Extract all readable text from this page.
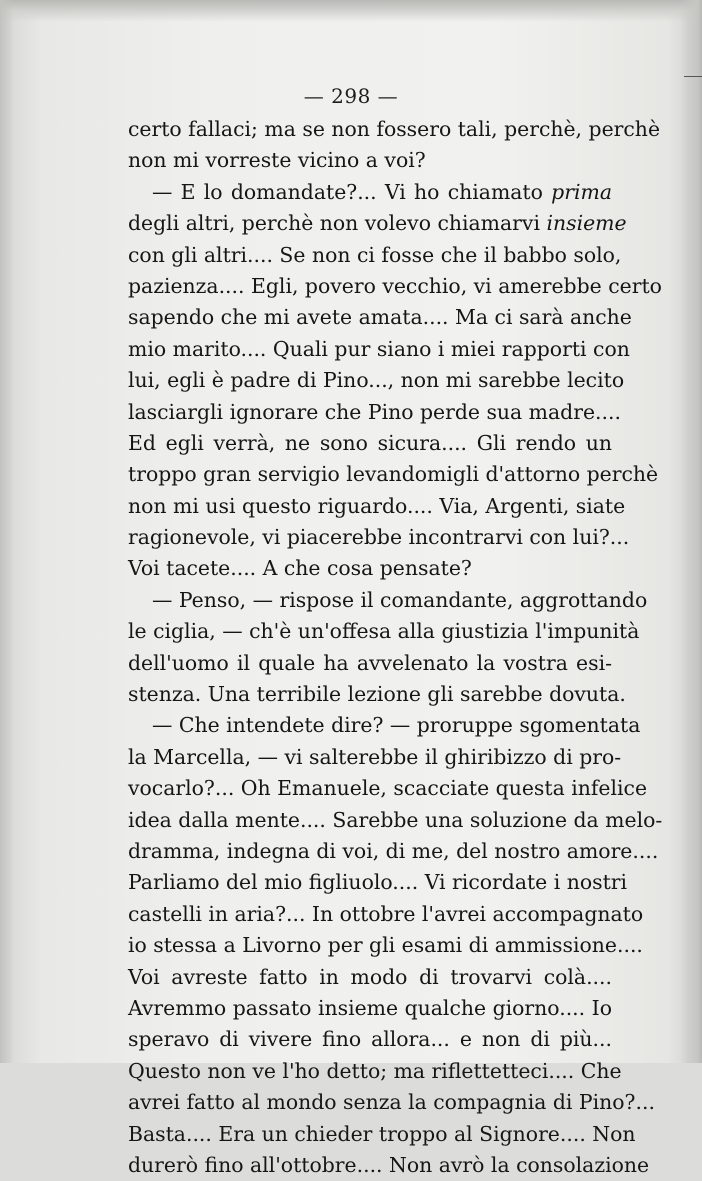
— 298 —
certo fallaci; ma se non fossero tali, perchè, perchè
non mi vorreste vicino a voi?
— E lo domandate?... Vi ho chiamato prima
degli altri, perchè non volevo chiamarvi insieme
con gli altri.... Se non ci fosse che il babbo solo,
pazienza.... Egli, povero vecchio, vi amerebbe certo
sapendo che mi avete amata.... Ma ci sarà anche
mio marito.... Quali pur siano i miei rapporti con
lui, egli è padre di Pino..., non mi sarebbe lecito
lasciargli ignorare che Pino perde sua madre....
Ed egli verrà, ne sono sicura.... Gli rendo un
troppo gran servigio levandomigli d'attorno perchè
non mi usi questo riguardo.... Via, Argenti, siate
ragionevole, vi piacerebbe incontrarvi con lui?...
Voi tacete.... A che cosa pensate?
— Penso, — rispose il comandante, aggrottando
le ciglia, — ch'è un'offesa alla giustizia l'impunità
dell'uomo il quale ha avvelenato la vostra esi-
stenza. Una terribile lezione gli sarebbe dovuta.
— Che intendete dire? — proruppe sgomentata
la Marcella, — vi salterebbe il ghiribizzo di pro-
vocarlo?... Oh Emanuele, scacciate questa infelice
idea dalla mente.... Sarebbe una soluzione da melo-
dramma, indegna di voi, di me, del nostro amore....
Parliamo del mio figliuolo.... Vi ricordate i nostri
castelli in aria?... In ottobre l'avrei accompagnato
io stessa a Livorno per gli esami di ammissione....
Voi avreste fatto in modo di trovarvi colà....
Avremmo passato insieme qualche giorno.... Io
speravo di vivere fino allora... e non di più...
Questo non ve l'ho detto; ma riflettetteci.... Che
avrei fatto al mondo senza la compagnia di Pino?...
Basta.... Era un chieder troppo al Signore.... Non
durerò fino all'ottobre.... Non avrò la consolazione
